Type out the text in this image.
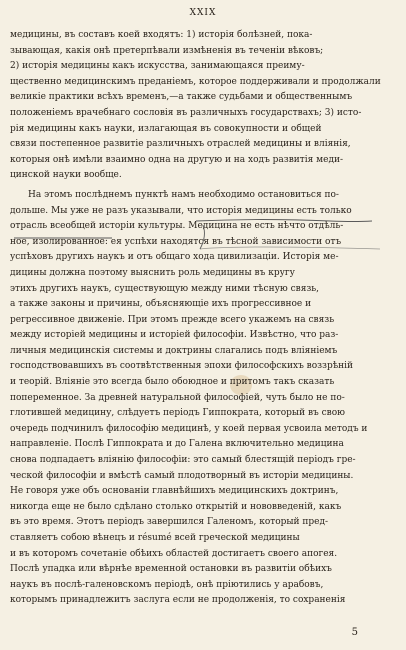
XXIX
медицины, въ составъ коей входятъ: 1) исторія болѣзней, пока-
зывающая, какія онѣ претерпѣвали измѣненія въ теченіи вѣковъ;
2) исторія медицины какъ искусства, занимающаяся преиму-
щественно медицинскимъ преданіемъ, которое поддерживали и продолжали
великіе практики всѣхъ временъ,—а также судьбами и общественнымъ
положеніемъ врачебнаго сословія въ различныхъ государствахъ; 3) исто-
рія медицины какъ науки, излагающая въ совокупности и общей
связи постепенное развитіе различныхъ отраслей медицины и вліянія,
которыя онѣ имѣли взаимно одна на другую и на ходъ развитія меди-
цинской науки вообще.
На этомъ послѣднемъ пунктѣ намъ необходимо остановиться по-
дольше. Мы уже не разъ указывали, что исторія медицины есть только
отрасль всеобщей исторіи культуры. Медицина не есть нѣчто отдѣль-
ное, изолированное: ея успѣхи находятся въ тѣсной зависимости отъ
успѣховъ другихъ наукъ и отъ общаго хода цивилизаціи. Исторія ме-
дицины должна поэтому выяснить роль медицины въ кругу
этихъ другихъ наукъ, существующую между ними тѣсную связь,
а также законы и причины, объясняющіе ихъ прогрессивное и
регрессивное движеніе. При этомъ прежде всего укажемъ на связь
между исторіей медицины и исторіей философіи. Извѣстно, что раз-
личныя медицинскія системы и доктрины слагались подъ вліяніемъ
господствовавшихъ въ соотвѣтственныя эпохи философскихъ воззрѣній
и теорій. Вліяніе это всегда было обоюдное и притомъ такъ сказать
попеременное. За древней натуральной философіей, чуть было не по-
глотившей медицину, слѣдуетъ періодъ Гиппократа, который въ свою
очередь подчинилъ философію медицинѣ, у коей первая усвоила методъ и
направленіе. Послѣ Гиппократа и до Галена включительно медицина
снова подпадаетъ вліянію философіи: это самый блестящій періодъ гре-
ческой философіи и вмѣстѣ самый плодотворный въ исторіи медицины.
Не говоря уже объ основаніи главнѣйшихъ медицинскихъ доктринъ,
никогда еще не было сдѣлано столько открытій и нововведеній, какъ
въ это время. Этотъ періодъ завершился Галеномъ, который пред-
ставляетъ собою вѣнецъ и résumé всей греческой медицины
и въ которомъ сочетаніе обѣихъ областей достигаетъ своего апогея.
Послѣ упадка или вѣрнѣе временной остановки въ развитіи обѣихъ
наукъ въ послѣ-галеновскомъ періодѣ, онѣ пріютились у арабовъ,
которымъ принадлежитъ заслуга если не продолженія, то сохраненія
5
